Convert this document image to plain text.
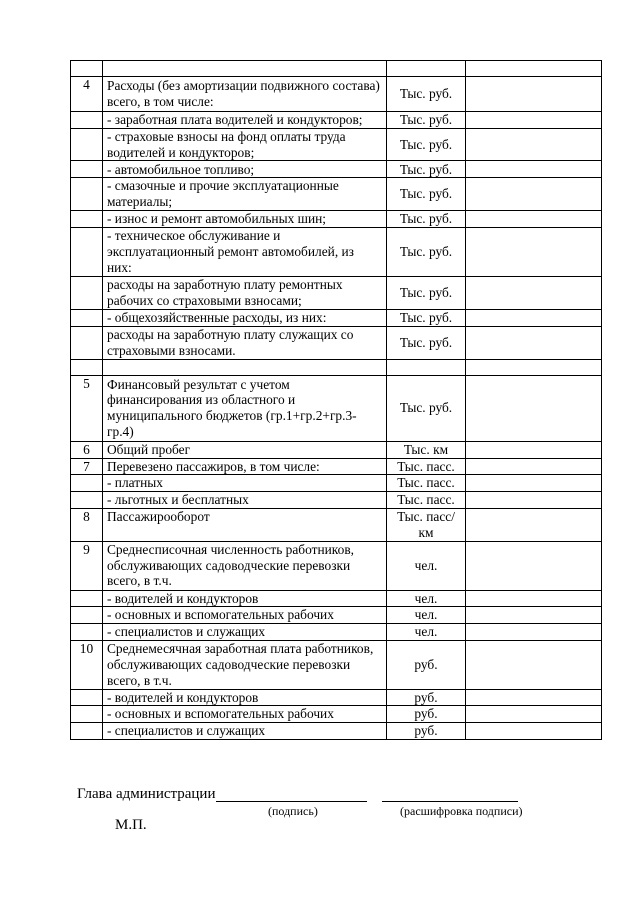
4	Расходы (без амортизации подвижного состава) всего, в том числе:	Тыс. руб.	
	- заработная плата водителей и кондукторов;	Тыс. руб.	
	- страховые взносы на фонд оплаты труда водителей и кондукторов;	Тыс. руб.	
	- автомобильное топливо;	Тыс. руб.	
	- смазочные и прочие эксплуатационные материалы;	Тыс. руб.	
	- износ и ремонт автомобильных шин;	Тыс. руб.	
	- техническое обслуживание и эксплуатационный ремонт автомобилей, из них:	Тыс. руб.	
	расходы на заработную плату ремонтных рабочих со страховыми взносами;	Тыс. руб.	
	- общехозяйственные расходы, из них:	Тыс. руб.	
	расходы на заработную плату служащих со страховыми взносами.	Тыс. руб.	

5	Финансовый результат с учетом финансирования из областного и муниципального бюджетов (гр.1+гр.2+гр.3-гр.4)	Тыс. руб.	
6	Общий пробег	Тыс. км	
7	Перевезено пассажиров, в том числе:	Тыс. пасс.	
	- платных	Тыс. пасс.	
	- льготных и бесплатных	Тыс. пасс.	
8	Пассажирооборот	Тыс. пасс/км	
9	Среднесписочная численность работников, обслуживающих садоводческие перевозки всего, в т.ч.	чел.	
	- водителей и кондукторов	чел.	
	- основных и вспомогательных рабочих	чел.	
	- специалистов и служащих	чел.	
10	Среднемесячная заработная плата работников, обслуживающих садоводческие перевозки всего, в т.ч.	руб.	
	- водителей и кондукторов	руб.	
	- основных и вспомогательных рабочих	руб.	
	- специалистов и служащих	руб.	
Глава администрации
(подпись)	(расшифровка подписи)
М.П.
